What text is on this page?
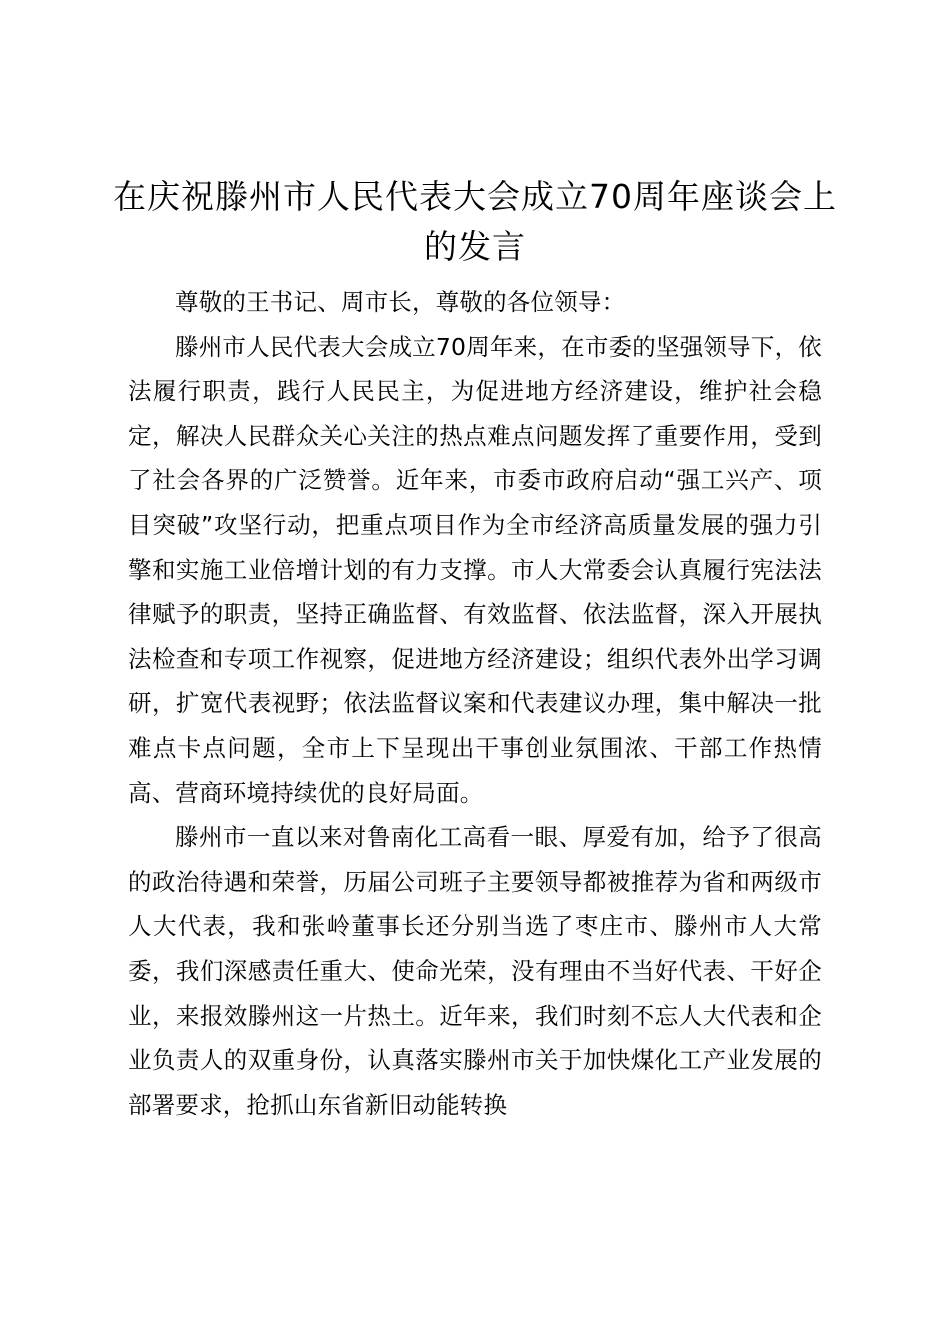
在庆祝滕州市人民代表大会成立70周年座谈会上的发言

尊敬的王书记、周市长，尊敬的各位领导：

滕州市人民代表大会成立70周年来，在市委的坚强领导下，依法履行职责，践行人民民主，为促进地方经济建设，维护社会稳定，解决人民群众关心关注的热点难点问题发挥了重要作用，受到了社会各界的广泛赞誉。近年来，市委市政府启动“强工兴产、项目突破”攻坚行动，把重点项目作为全市经济高质量发展的强力引擎和实施工业倍增计划的有力支撑。市人大常委会认真履行宪法法律赋予的职责，坚持正确监督、有效监督、依法监督，深入开展执法检查和专项工作视察，促进地方经济建设；组织代表外出学习调研，扩宽代表视野；依法监督议案和代表建议办理，集中解决一批难点卡点问题，全市上下呈现出干事创业氛围浓、干部工作热情高、营商环境持续优的良好局面。

滕州市一直以来对鲁南化工高看一眼、厚爱有加，给予了很高的政治待遇和荣誉，历届公司班子主要领导都被推荐为省和两级市人大代表，我和张岭董事长还分别当选了枣庄市、滕州市人大常委，我们深感责任重大、使命光荣，没有理由不当好代表、干好企业，来报效滕州这一片热土。近年来，我们时刻不忘人大代表和企业负责人的双重身份，认真落实滕州市关于加快煤化工产业发展的部署要求，抢抓山东省新旧动能转换
